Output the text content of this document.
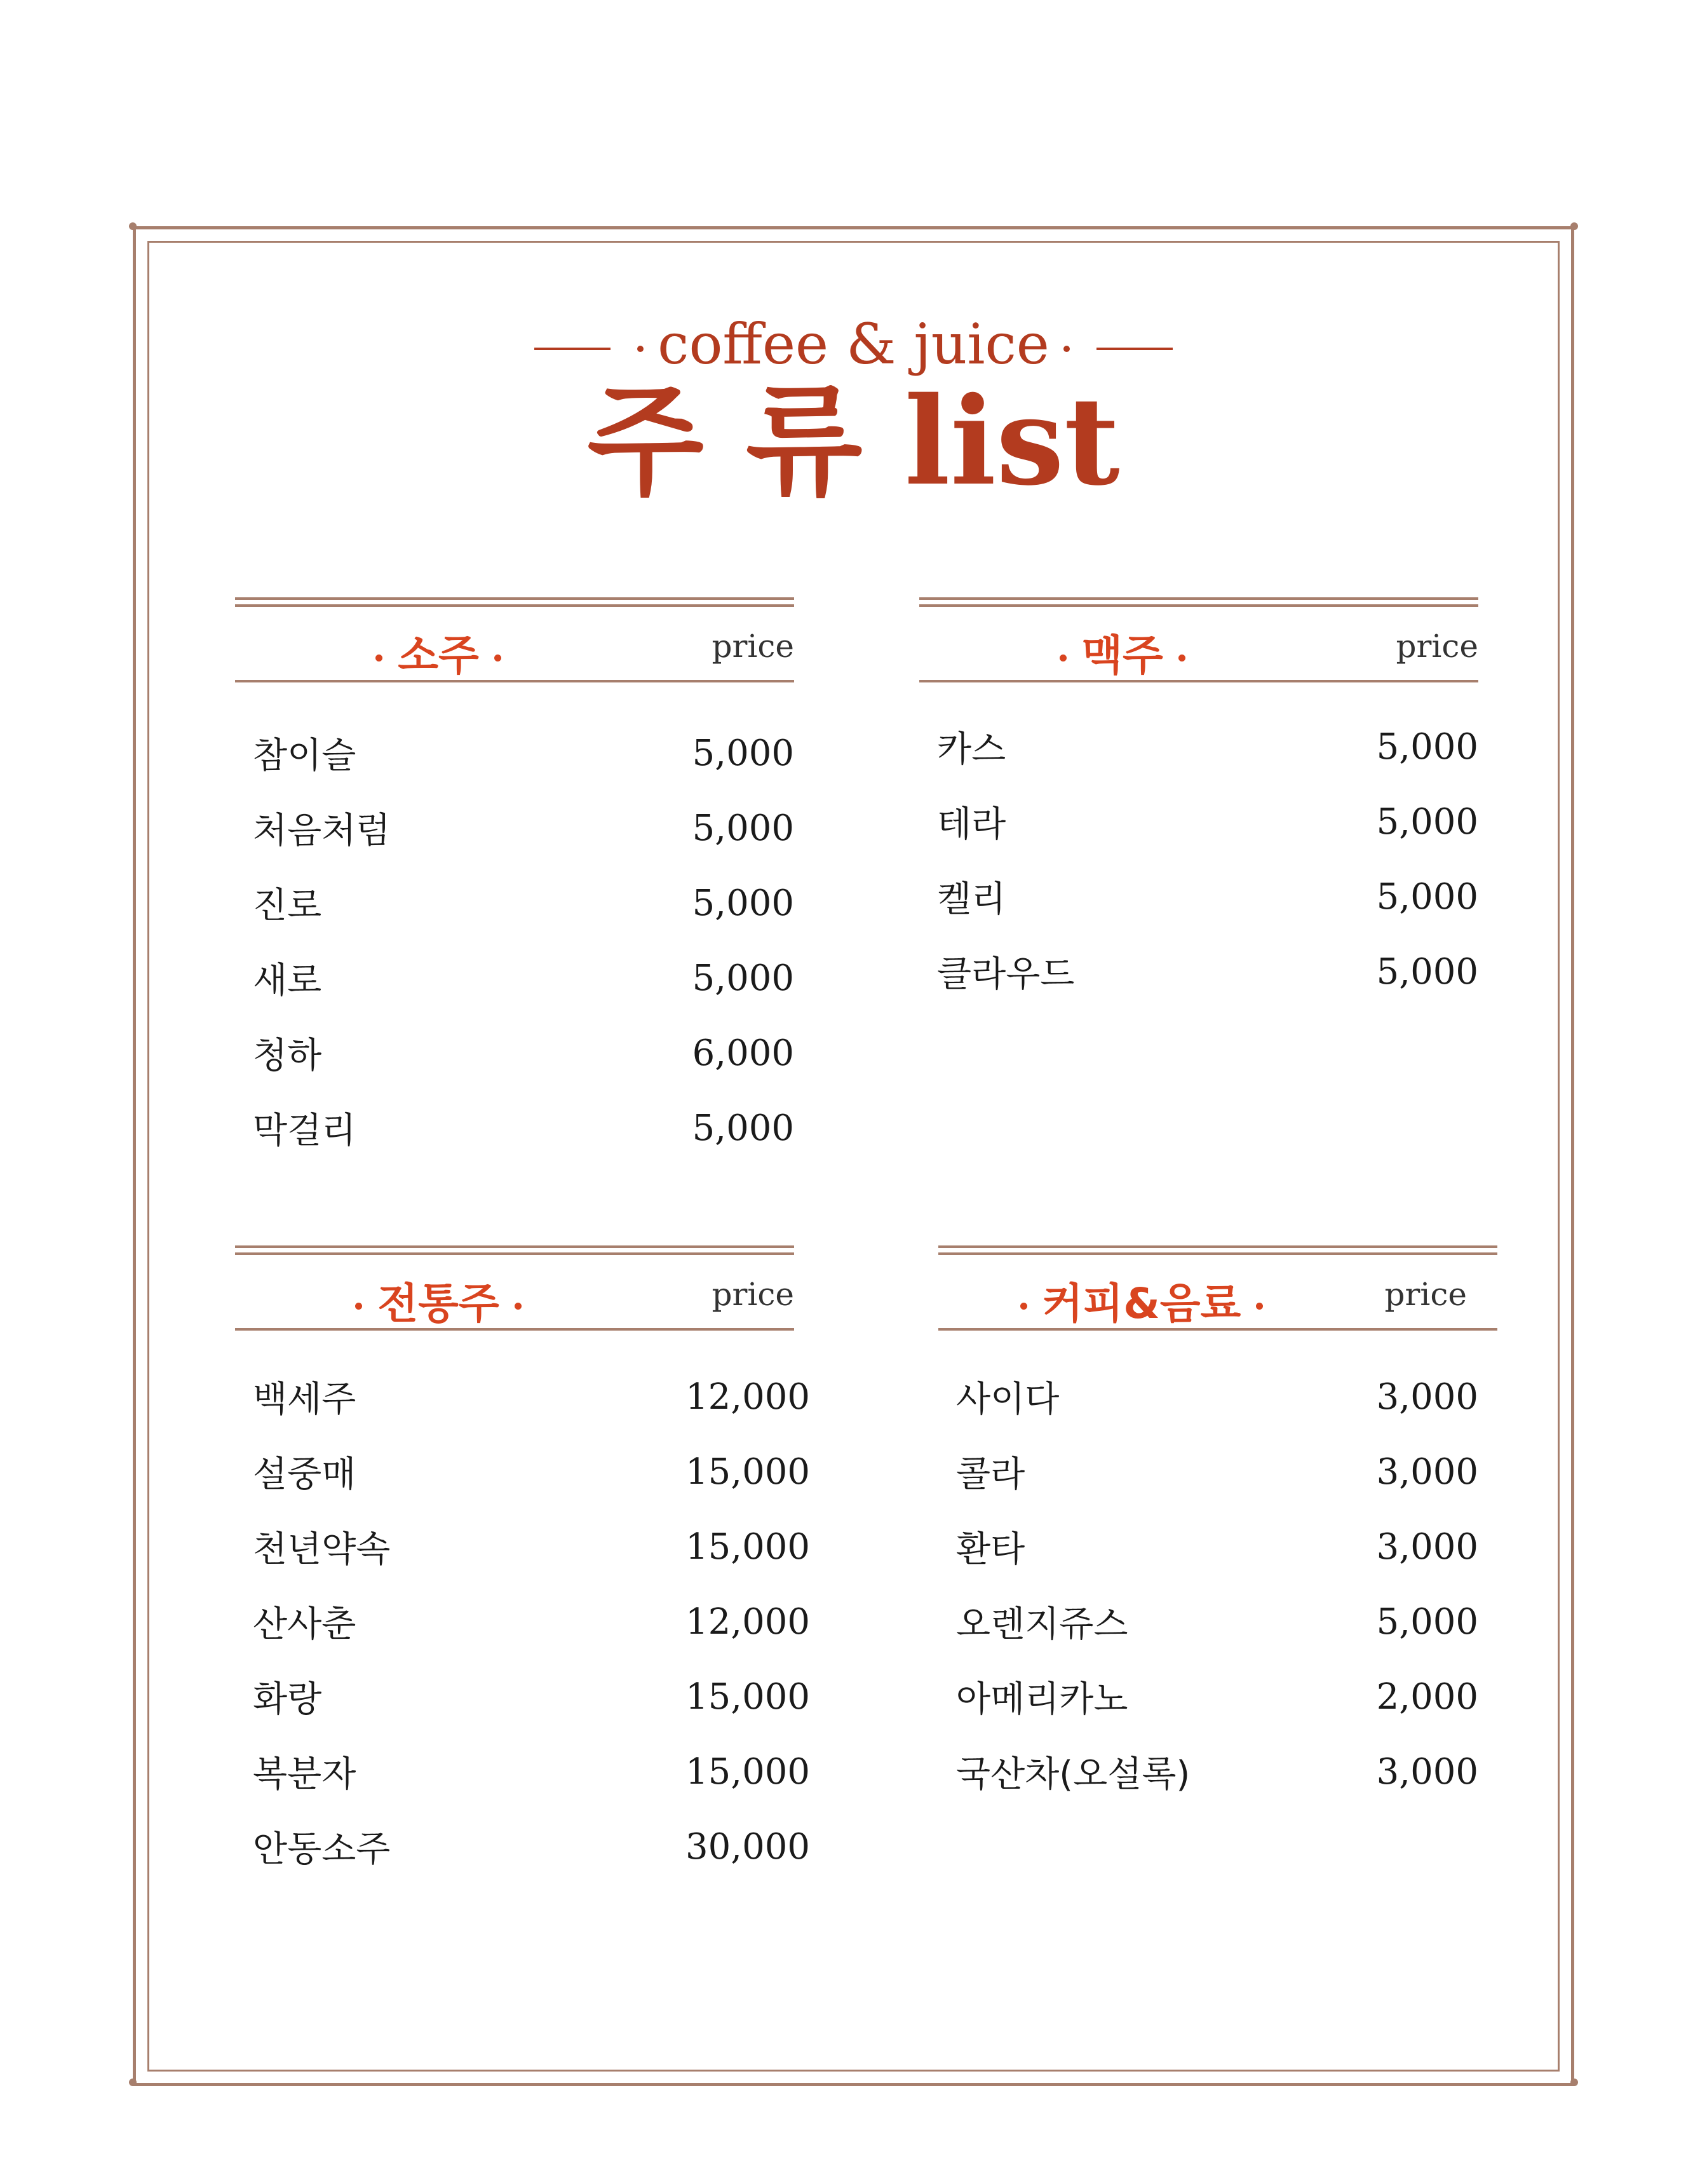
coffee & juice
주 류 list
소주	price
참이슬	5,000
처음처럼	5,000
진로	5,000
새로	5,000
청하	6,000
막걸리	5,000
맥주	price
카스	5,000
테라	5,000
켈리	5,000
클라우드	5,000
전통주	price
백세주	12,000
설중매	15,000
천년약속	15,000
산사춘	12,000
화랑	15,000
복분자	15,000
안동소주	30,000
커피&음료	price
사이다	3,000
콜라	3,000
환타	3,000
오렌지쥬스	5,000
아메리카노	2,000
국산차(오설록)	3,000
